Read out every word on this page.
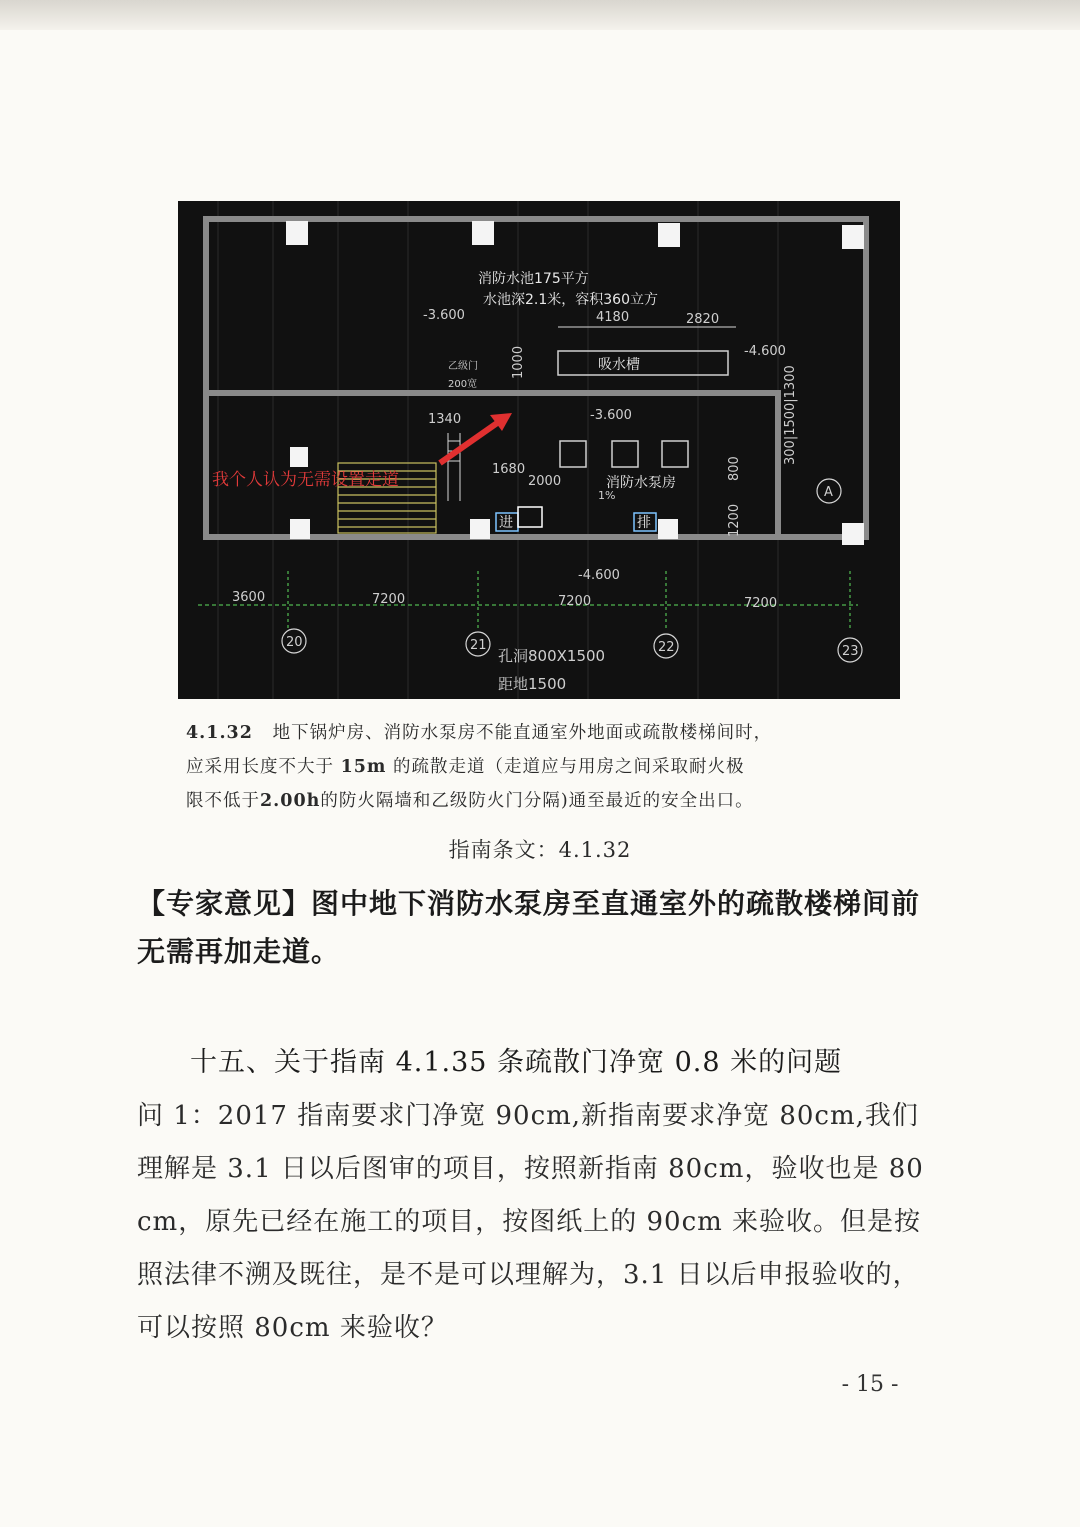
消防水池175平方
水池深2.1米，容积360立方
-3.600	4180	2820
-4.600
吸水槽
乙级门
200宽
1340	-3.600
1680
2000
1%
消防水泵房
我个人认为无需设置走道
进	排
1000
800
1200
300|1500|1300
A
-4.600
3600	7200	7200	7200
20	21	22	23
孔洞800X1500
距地1500
4.1.32 地下锅炉房、消防水泵房不能直通室外地面或疏散楼梯间时，
应采用长度不大于 15m 的疏散走道（走道应与用房之间采取耐火极
限不低于2.00h的防火隔墙和乙级防火门分隔)通至最近的安全出口。
指南条文：4.1.32
【专家意见】图中地下消防水泵房至直通室外的疏散楼梯间前无需再加走道。
十五、关于指南 4.1.35 条疏散门净宽 0.8 米的问题
问 1：2017 指南要求门净宽 90cm,新指南要求净宽 80cm,我们理解是 3.1 日以后图审的项目，按照新指南 80cm，验收也是 80 cm，原先已经在施工的项目，按图纸上的 90cm 来验收。但是按照法律不溯及既往，是不是可以理解为，3.1 日以后申报验收的，可以按照 80cm 来验收？
- 15 -
